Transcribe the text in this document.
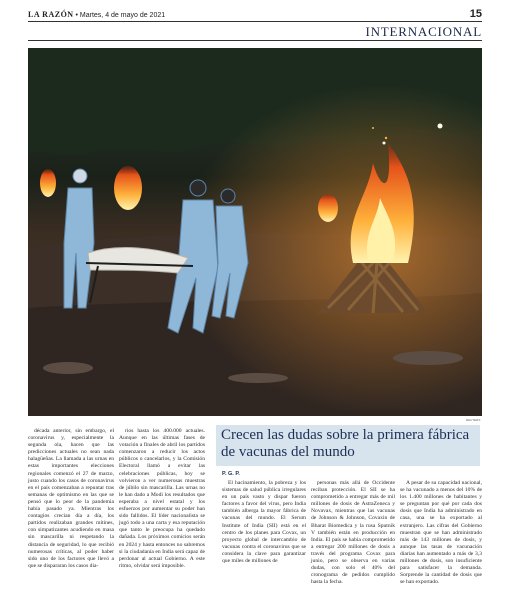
LA RAZÓN • Martes, 4 de mayo de 2021	15
INTERNACIONAL
REUTERS

década anterior, sin embargo, el coronavirus y, especialmente la segunda ola, hacen que las predicciones actuales no sean nada halagüeñas. La llamada a las urnas en estas importantes elecciones regionales comenzó el 27 de marzo, justo cuando los casos de coronavirus en el país comenzaban a repuntar tras semanas de optimismo en las que se pensó que lo peor de la pandemia había pasado ya. Mientras los contagios crecían día a día, los partidos realizaban grandes mítines, con simpatizantes acudiendo en masa sin mascarilla ni respetando la distancia de seguridad, lo que recibió numerosas críticas, al poder haber sido uno de los factores que llevó a que se dispararan los casos dia-

rios hasta los 400.000 actuales. Aunque en las últimas fases de votación a finales de abril los partidos comenzaron a reducir los actos públicos o cancelarlos, y la Comisión Electoral llamó a evitar las celebraciones públicas, hoy se volvieron a ver numerosas muestras de júbilo sin mascarilla. Las urnas no le han dado a Modi los resultados que esperaba a nivel estatal y los esfuerzos por aumentar su poder han sido fallidos. El líder nacionalista se jugó todo a una carta y esa reputación que tanto le preocupa ha quedado dañada. Los próximos comicios serán en 2024 y hasta entonces no sabremos si la ciudadanía en India será capaz de perdonar al actual Gobierno. A este ritmo, olvidar será imposible.

Crecen las dudas sobre la primera fábrica de vacunas del mundo
P. G. P.

El hacinamiento, la pobreza y los sistemas de salud pública irregulares en un país vasto y dispar fueron factores a favor del virus, pero India también alberga la mayor fábrica de vacunas del mundo. El Serum Institute of India (SII) está en el centro de los planes para Covax, un proyecto global de intercambio de vacunas contra el coronavirus que se considera la clave para garantizar que miles de millones de

personas más allá de Occidente reciban protección. El SII se ha comprometido a entregar más de mil millones de dosis de AstraZeneca y Novavax, mientras que las vacunas de Johnson & Johnson, Covaxin de Bharat Biomedica y la rusa Sputnik V también están en producción en India. El país se había comprometido a entregar 200 millones de dosis a través del programa Covax para junio, pero se observa en varias dudas, con solo el 40% del cronograma de pedidos cumplido hasta la fecha.

A pesar de su capacidad nacional, se ha vacunado a menos del 10% de los 1.400 millones de habitantes y se preguntan por qué por cada dos dosis que India ha administrado en casa, una se ha exportado al extranjero. Las cifras del Gobierno muestran que se han administrado más de 143 millones de dosis, y aunque las tasas de vacunación diarias han aumentado a más de 3,3 millones de dosis, son insuficiente para satisfacer la demanda. Sorprende la cantidad de dosis que se han exportado.
